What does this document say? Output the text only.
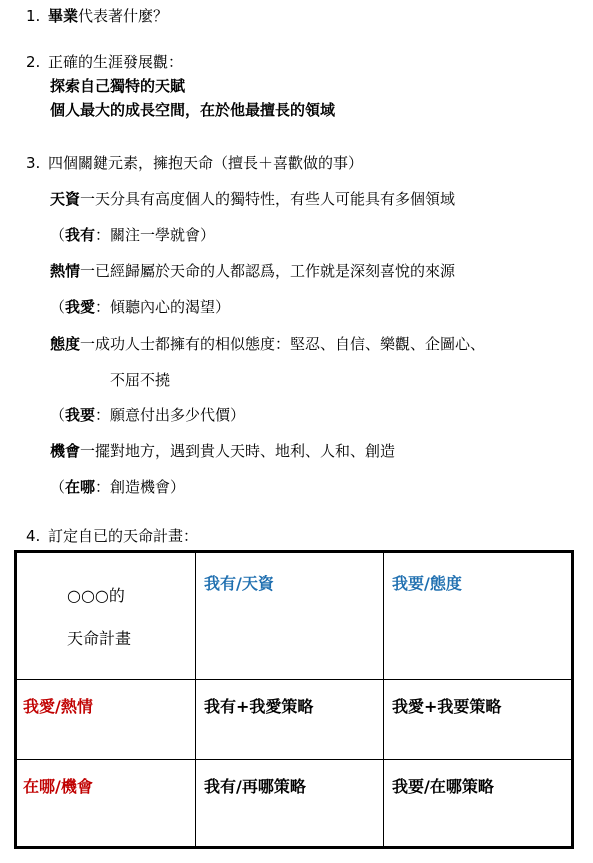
1. 畢業代表著什麼？
2. 正確的生涯發展觀：
探索自己獨特的天賦
個人最大的成長空間，在於他最擅長的領域
3. 四個關鍵元素，擁抱天命（擅長＋喜歡做的事）
天資一天分具有高度個人的獨特性，有些人可能具有多個領域
（我有：關注一學就會）
熱情一已經歸屬於天命的人都認爲，工作就是深刻喜悅的來源
（我愛：傾聽內心的渴望）
態度一成功人士都擁有的相似態度：堅忍、自信、樂觀、企圖心、
不屈不撓
（我要：願意付出多少代價）
機會一擺對地方，遇到貴人天時、地利、人和、創造
（在哪：創造機會）
4. 訂定自已的天命計畫：
○○○的
天命計畫	我有/天資	我要/態度
我愛/熱情	我有+我愛策略	我愛+我要策略
在哪/機會	我有/再哪策略	我要/在哪策略
